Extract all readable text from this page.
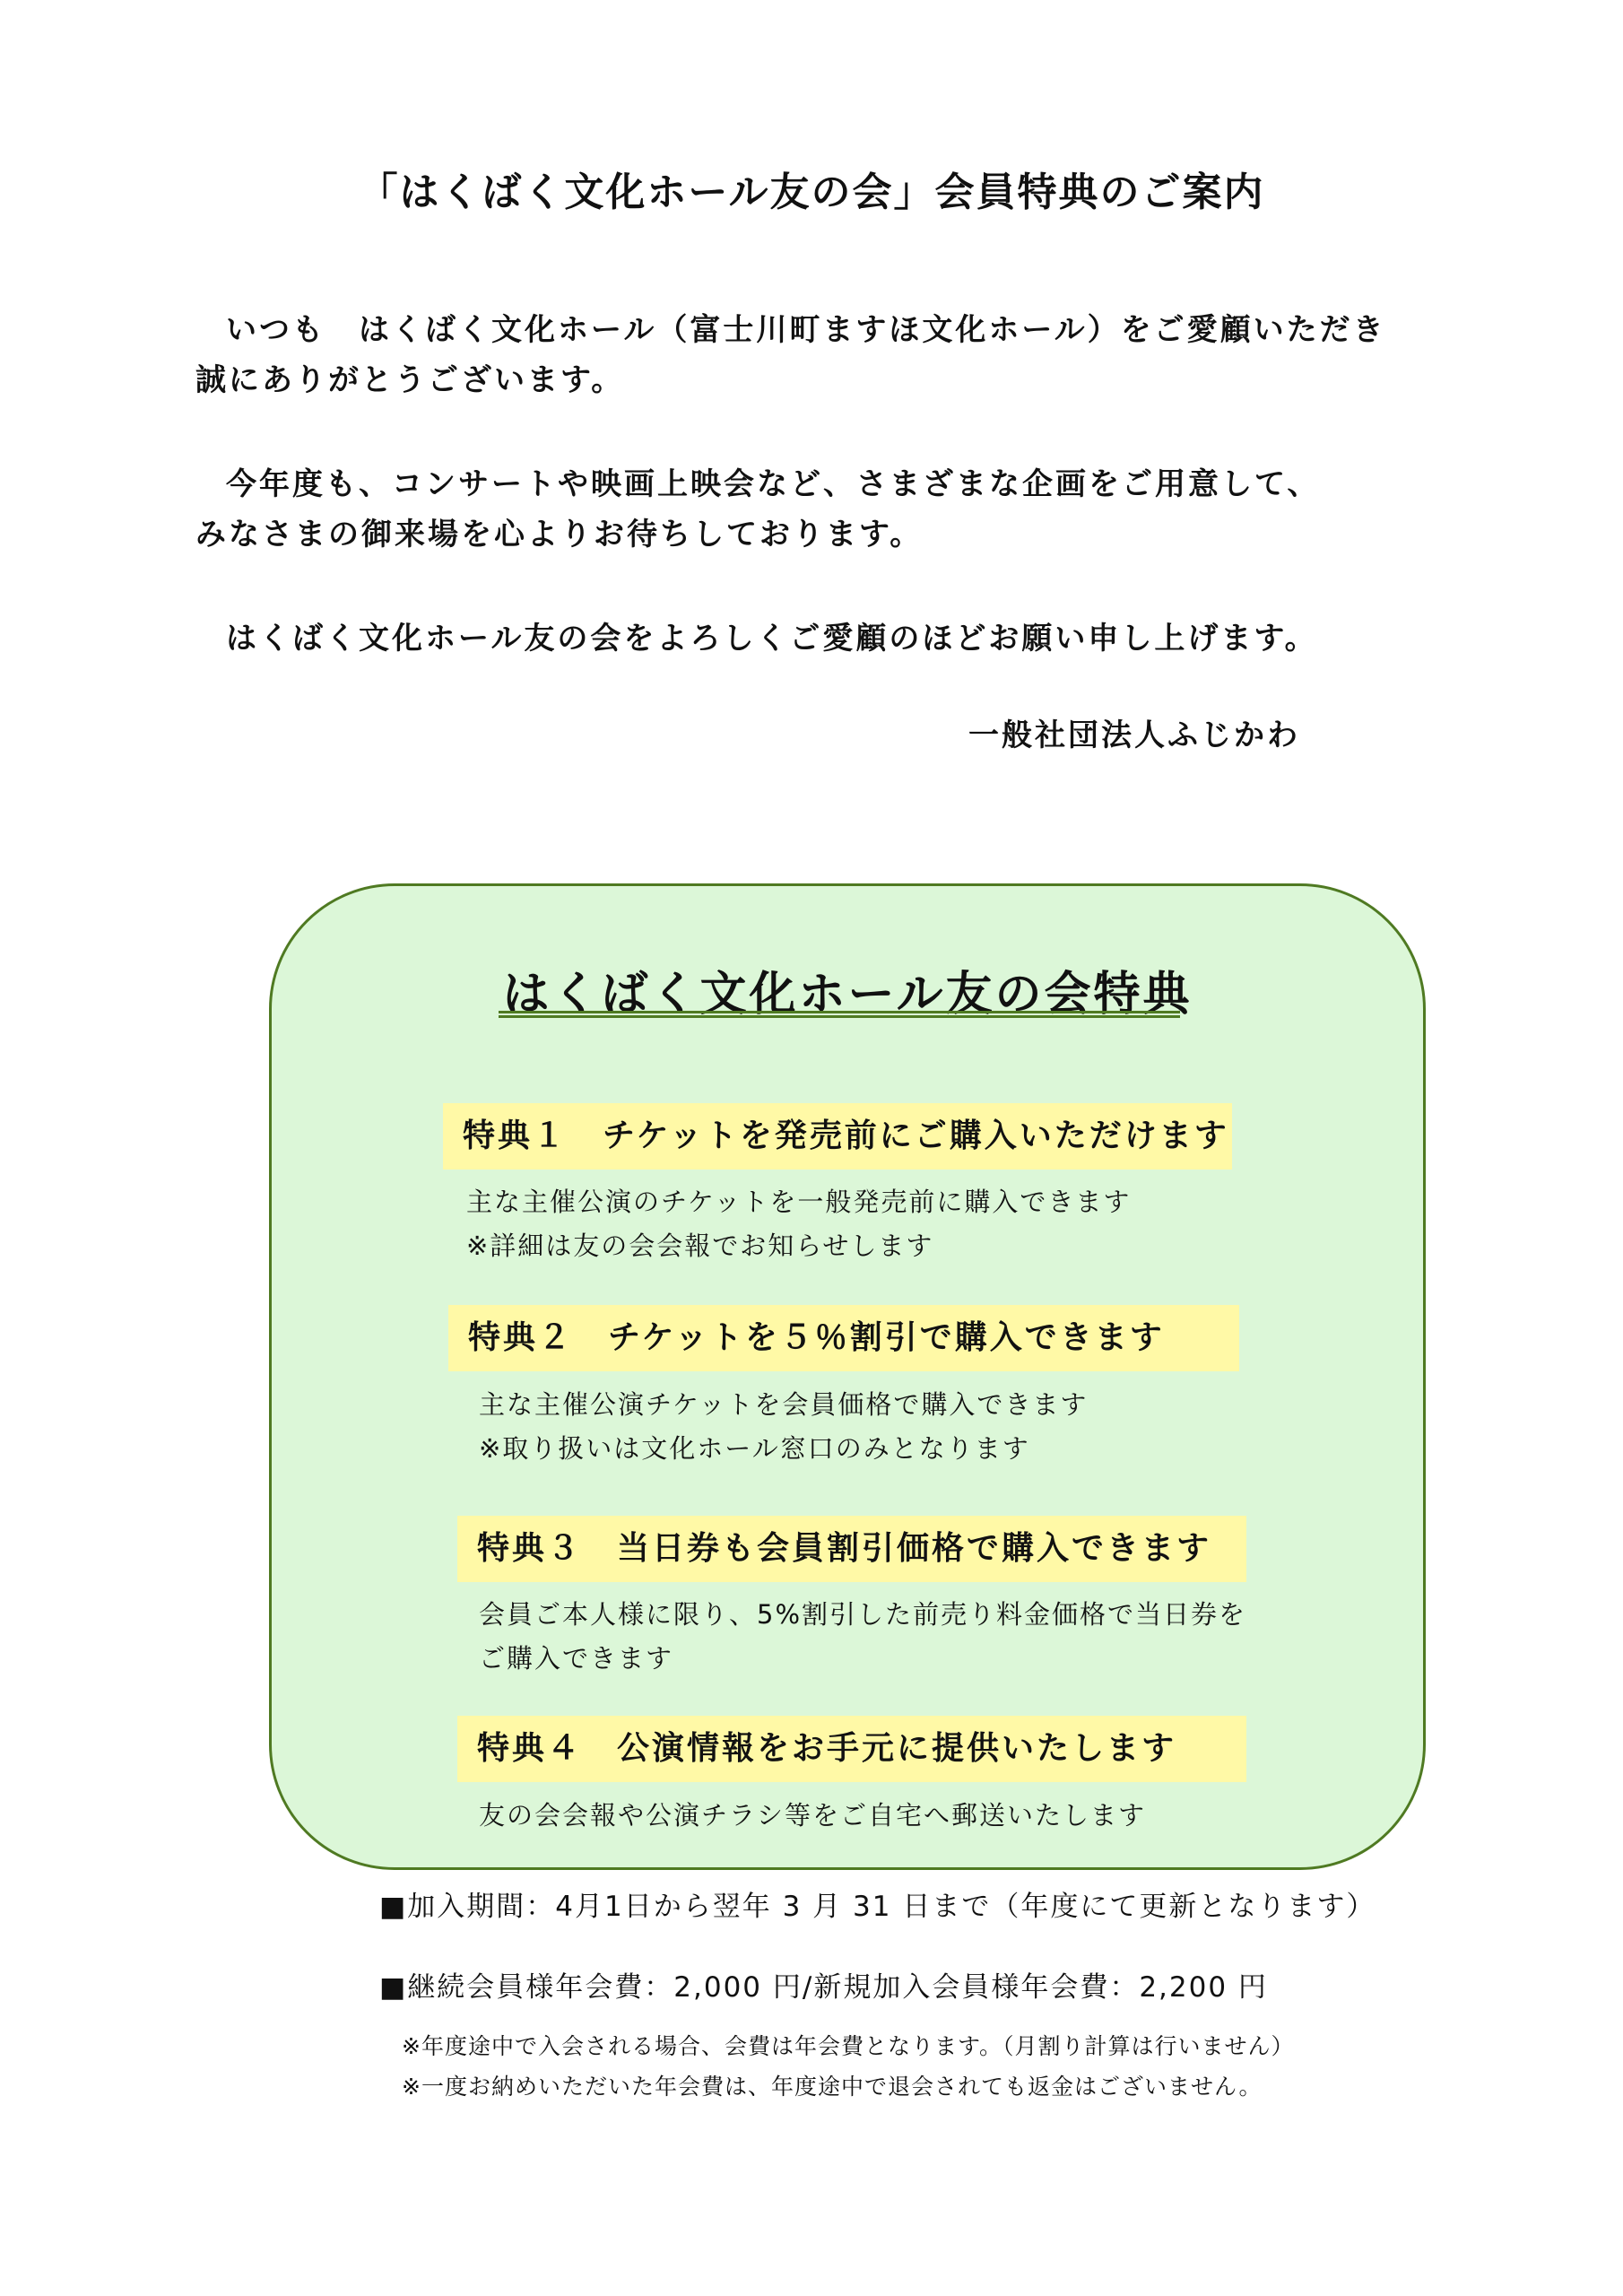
「はくばく文化ホール友の会」会員特典のご案内

いつも　はくばく文化ホール（富士川町ますほ文化ホール）をご愛顧いただき
誠にありがとうございます。

今年度も、コンサートや映画上映会など、さまざまな企画をご用意して、
みなさまの御来場を心よりお待ちしております。

はくばく文化ホール友の会をよろしくご愛顧のほどお願い申し上げます。

一般社団法人ふじかわ
はくばく文化ホール友の会特典
特典１　チケットを発売前にご購入いただけます
主な主催公演のチケットを一般発売前に購入できます
※詳細は友の会会報でお知らせします
特典２　チケットを５％割引で購入できます
主な主催公演チケットを会員価格で購入できます
※取り扱いは文化ホール窓口のみとなります
特典３　当日券も会員割引価格で購入できます
会員ご本人様に限り、5%割引した前売り料金価格で当日券を
ご購入できます
特典４　公演情報をお手元に提供いたします
友の会会報や公演チラシ等をご自宅へ郵送いたします
■加入期間：4月1日から翌年 3 月 31 日まで（年度にて更新となります）
■継続会員様年会費：2,000 円/新規加入会員様年会費：2,200 円
※年度途中で入会される場合、会費は年会費となります。（月割り計算は行いません）
※一度お納めいただいた年会費は、年度途中で退会されても返金はございません。
